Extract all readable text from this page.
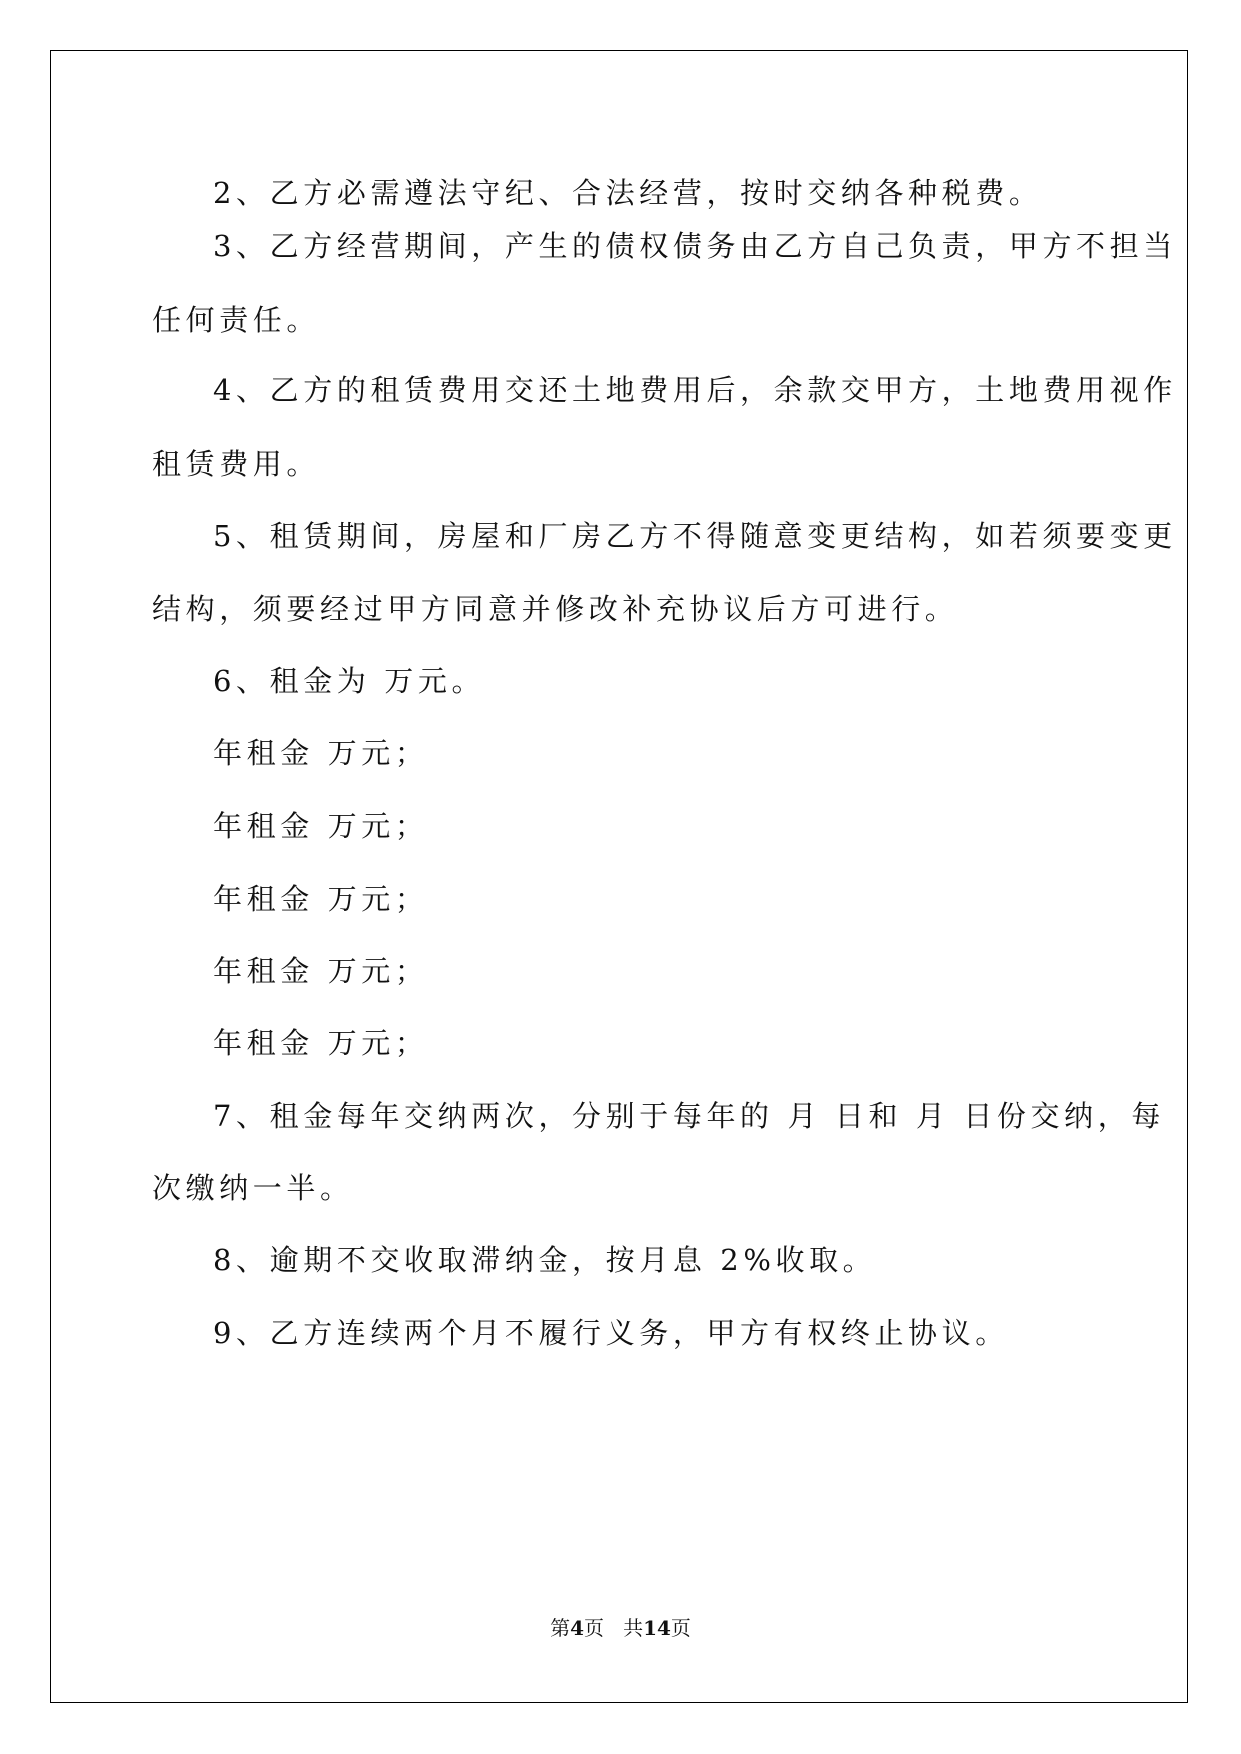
2、乙方必需遵法守纪、合法经营，按时交纳各种税费。
3、乙方经营期间，产生的债权债务由乙方自己负责，甲方不担当
任何责任。
4、乙方的租赁费用交还土地费用后，余款交甲方，土地费用视作
租赁费用。
5、租赁期间，房屋和厂房乙方不得随意变更结构，如若须要变更
结构，须要经过甲方同意并修改补充协议后方可进行。
6、租金为 万元。
年租金 万元；
年租金 万元；
年租金 万元；
年租金 万元；
年租金 万元；
7、租金每年交纳两次，分别于每年的 月 日和 月 日份交纳，每
次缴纳一半。
8、逾期不交收取滞纳金，按月息 2%收取。
9、乙方连续两个月不履行义务，甲方有权终止协议。
第4页   共14页
